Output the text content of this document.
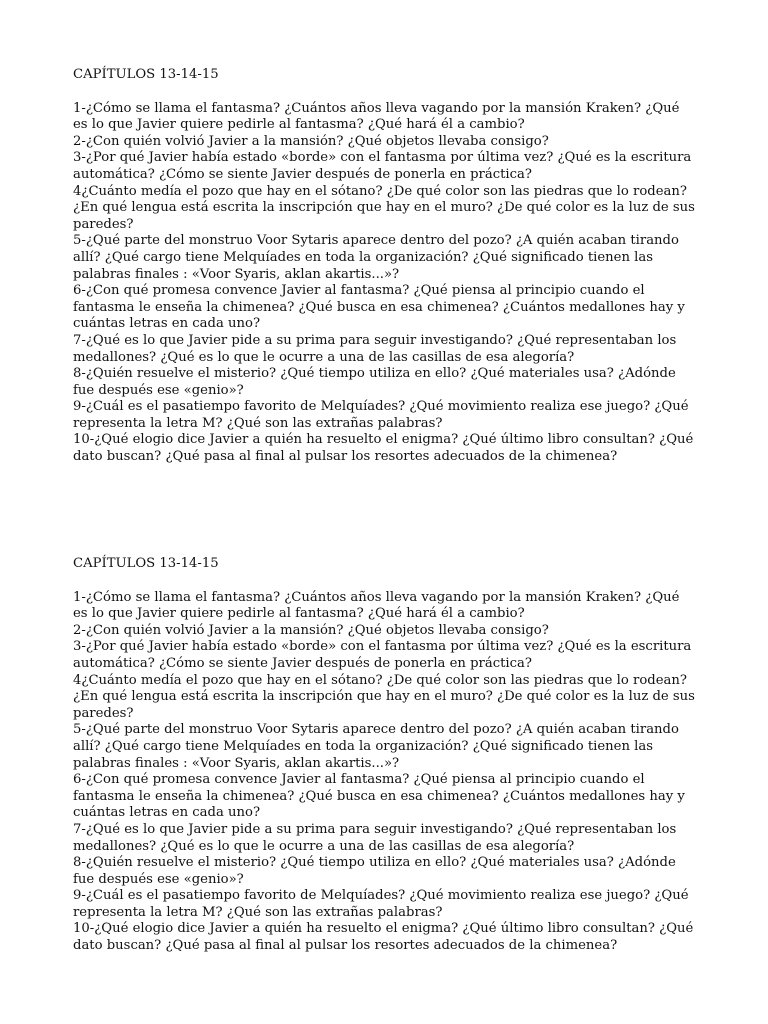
CAPÍTULOS 13-14-15

1-¿Cómo se llama el fantasma? ¿Cuántos años lleva vagando por la mansión Kraken? ¿Qué es lo que Javier quiere pedirle al fantasma? ¿Qué hará él a cambio?

2-¿Con quién volvió Javier a la mansión? ¿Qué objetos llevaba consigo?

3-¿Por qué Javier había estado «borde» con el fantasma por última vez? ¿Qué es la escritura automática? ¿Cómo se siente Javier después de ponerla en práctica?

4¿Cuánto medía el pozo que hay en el sótano? ¿De qué color son las piedras que lo rodean? ¿En qué lengua está escrita la inscripción que hay en el muro? ¿De qué color es la luz de sus paredes?

5-¿Qué parte del monstruo Voor Sytaris aparece dentro del pozo? ¿A quién acaban tirando allí? ¿Qué cargo tiene Melquíades en toda la organización? ¿Qué significado tienen las palabras finales : «Voor Syaris, aklan akartis...»?

6-¿Con qué promesa convence Javier al fantasma? ¿Qué piensa al principio cuando el fantasma le enseña la chimenea? ¿Qué busca en esa chimenea? ¿Cuántos medallones hay y cuántas letras en cada uno?

7-¿Qué es lo que Javier pide a su prima para seguir investigando? ¿Qué representaban los medallones? ¿Qué es lo que le ocurre a una de las casillas de esa alegoría?

8-¿Quién resuelve el misterio? ¿Qué tiempo utiliza en ello? ¿Qué materiales usa? ¿Adónde fue después ese «genio»?

9-¿Cuál es el pasatiempo favorito de Melquíades? ¿Qué movimiento realiza ese juego? ¿Qué representa la letra M? ¿Qué son las extrañas palabras?

10-¿Qué elogio dice Javier a quién ha resuelto el enigma? ¿Qué último libro consultan? ¿Qué dato buscan? ¿Qué pasa al final al pulsar los resortes adecuados de la chimenea?

CAPÍTULOS 13-14-15

1-¿Cómo se llama el fantasma? ¿Cuántos años lleva vagando por la mansión Kraken? ¿Qué es lo que Javier quiere pedirle al fantasma? ¿Qué hará él a cambio?

2-¿Con quién volvió Javier a la mansión? ¿Qué objetos llevaba consigo?

3-¿Por qué Javier había estado «borde» con el fantasma por última vez? ¿Qué es la escritura automática? ¿Cómo se siente Javier después de ponerla en práctica?

4¿Cuánto medía el pozo que hay en el sótano? ¿De qué color son las piedras que lo rodean? ¿En qué lengua está escrita la inscripción que hay en el muro? ¿De qué color es la luz de sus paredes?

5-¿Qué parte del monstruo Voor Sytaris aparece dentro del pozo? ¿A quién acaban tirando allí? ¿Qué cargo tiene Melquíades en toda la organización? ¿Qué significado tienen las palabras finales : «Voor Syaris, aklan akartis...»?

6-¿Con qué promesa convence Javier al fantasma? ¿Qué piensa al principio cuando el fantasma le enseña la chimenea? ¿Qué busca en esa chimenea? ¿Cuántos medallones hay y cuántas letras en cada uno?

7-¿Qué es lo que Javier pide a su prima para seguir investigando? ¿Qué representaban los medallones? ¿Qué es lo que le ocurre a una de las casillas de esa alegoría?

8-¿Quién resuelve el misterio? ¿Qué tiempo utiliza en ello? ¿Qué materiales usa? ¿Adónde fue después ese «genio»?

9-¿Cuál es el pasatiempo favorito de Melquíades? ¿Qué movimiento realiza ese juego? ¿Qué representa la letra M? ¿Qué son las extrañas palabras?

10-¿Qué elogio dice Javier a quién ha resuelto el enigma? ¿Qué último libro consultan? ¿Qué dato buscan? ¿Qué pasa al final al pulsar los resortes adecuados de la chimenea?
